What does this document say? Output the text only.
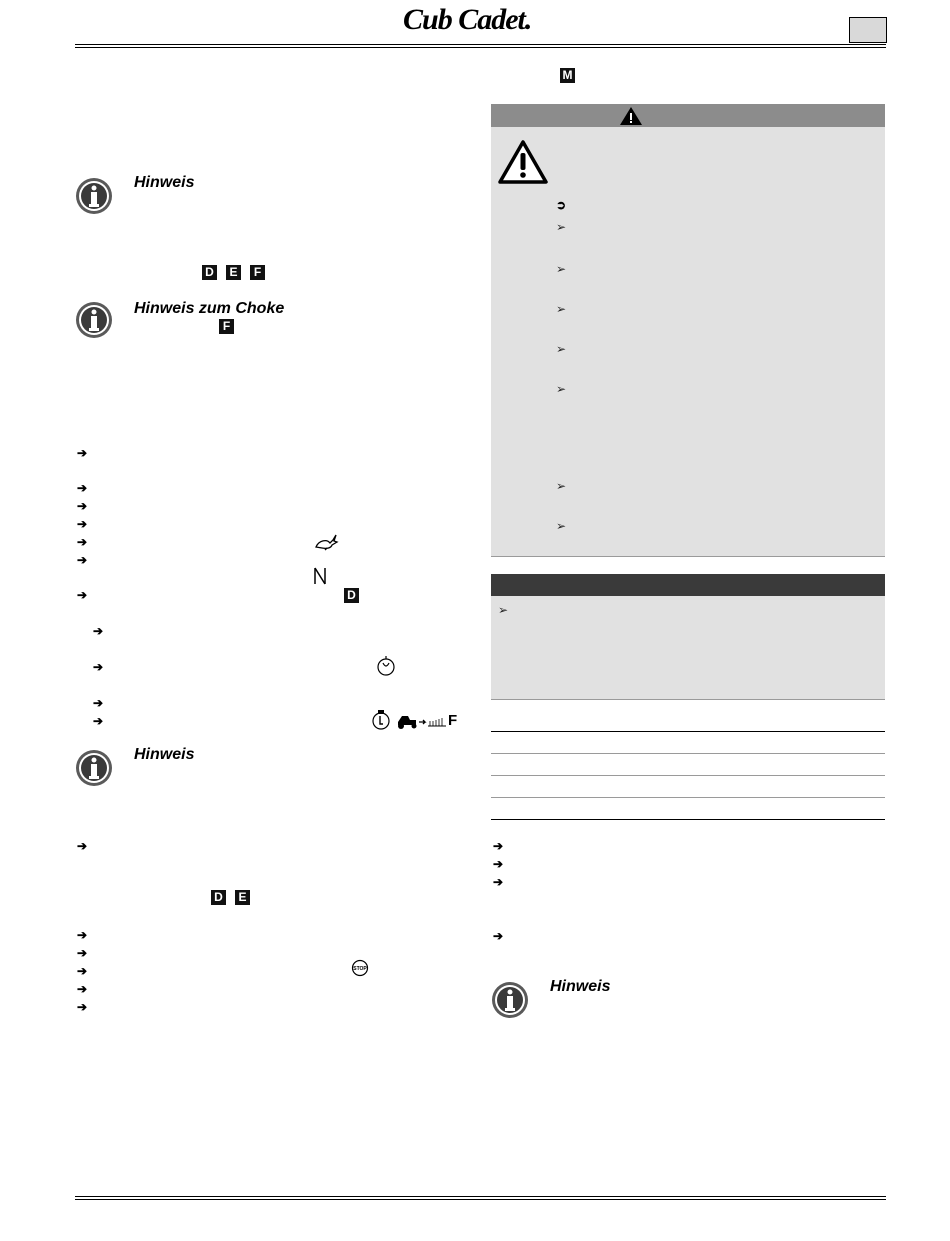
Cub Cadet.
M
Hinweis
D E	F
Hinweis zum Choke
F
➔
➔
➔
➔
➔
➔
➔	D
➔
➔
➔
➔	F
Hinweis
➔
D E
➔
➔
➔
➔
➔
STOP
➲
➢
➢
➢
➢
➢
➢
➢
➢
➔
➔
➔
➔
Hinweis
